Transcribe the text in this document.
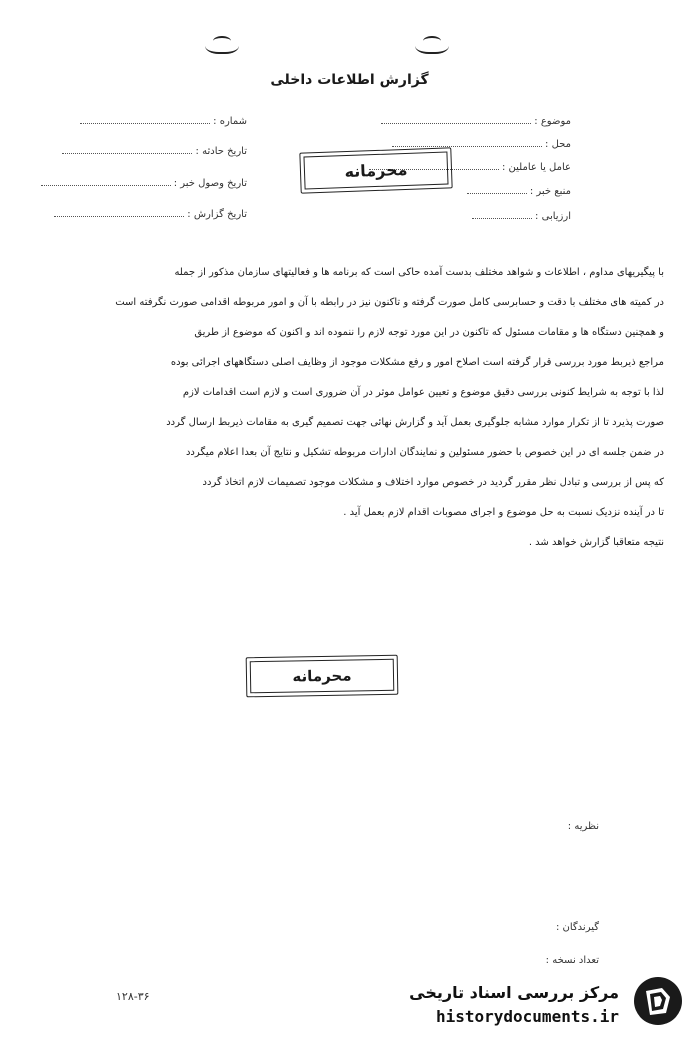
گزارش اطلاعات داخلی
شماره :
تاریخ حادثه :
تاریخ وصول خبر :
تاریخ گزارش :
موضوع :
محل :
عامل یا عاملین :
منبع خبر :
ارزیابی :
محرمانه

با پیگیریهای مداوم ، اطلاعات و شواهد مختلف بدست آمده حاکی است که برنامه ها و فعالیتهای سازمان مذکور از جمله

در کمیته های مختلف با دقت و حسابرسی کامل صورت گرفته و تاکنون نیز در رابطه با آن و امور مربوطه اقدامی صورت نگرفته است

و همچنین دستگاه ها و مقامات مسئول که تاکنون در این مورد توجه لازم را ننموده اند و اکنون که موضوع از طریق

مراجع ذیربط مورد بررسی قرار گرفته است اصلاح امور و رفع مشکلات موجود از وظایف اصلی دستگاههای اجرائی بوده

لذا با توجه به شرایط کنونی بررسی دقیق موضوع و تعیین عوامل موثر در آن ضروری است و لازم است اقدامات لازم

صورت پذیرد تا از تکرار موارد مشابه جلوگیری بعمل آید و گزارش نهائی جهت تصمیم گیری به مقامات ذیربط ارسال گردد

در ضمن جلسه ای در این خصوص با حضور مسئولین و نمایندگان ادارات مربوطه تشکیل و نتایج آن بعدا اعلام میگردد

که پس از بررسی و تبادل نظر مقرر گردید در خصوص موارد اختلاف و مشکلات موجود تصمیمات لازم اتخاذ گردد

تا در آینده نزدیک نسبت به حل موضوع و اجرای مصوبات اقدام لازم بعمل آید .

نتیجه متعاقبا گزارش خواهد شد .

محرمانه
نظریه :
گیرندگان :
تعداد نسخه :
۱۲۸-۳۶	مرکز بررسی اسناد تاریخی
historydocuments.ir
